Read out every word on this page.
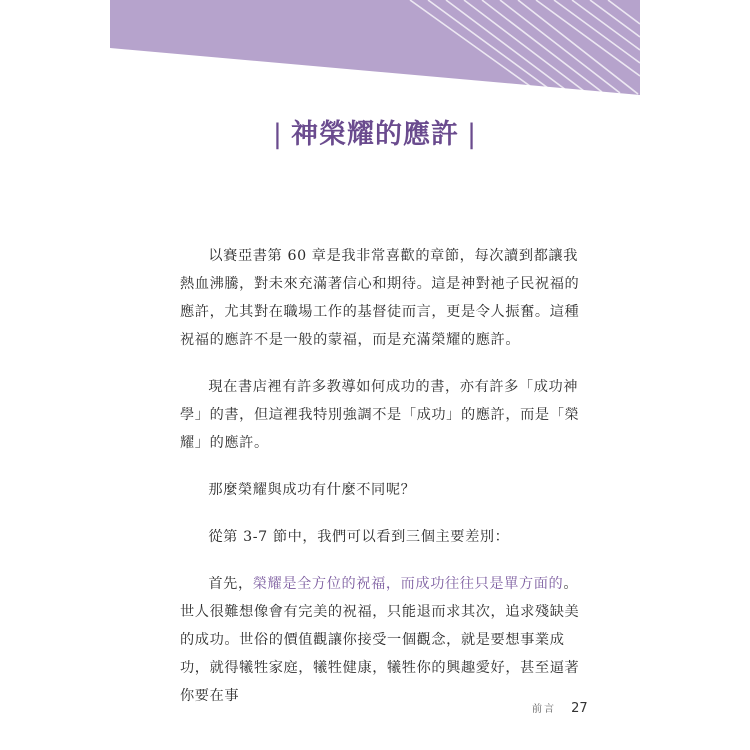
| 神榮耀的應許 |

以賽亞書第 60 章是我非常喜歡的章節，每次讀到都讓我熱血沸騰，對未來充滿著信心和期待。這是神對祂子民祝福的應許，尤其對在職場工作的基督徒而言，更是令人振奮。這種祝福的應許不是一般的蒙福，而是充滿榮耀的應許。

現在書店裡有許多教導如何成功的書，亦有許多「成功神學」的書，但這裡我特別強調不是「成功」的應許，而是「榮耀」的應許。

那麼榮耀與成功有什麼不同呢？

從第 3-7 節中，我們可以看到三個主要差別：

首先，榮耀是全方位的祝福，而成功往往只是單方面的。世人很難想像會有完美的祝福，只能退而求其次，追求殘缺美的成功。世俗的價值觀讓你接受一個觀念，就是要想事業成功，就得犧牲家庭，犧牲健康，犧牲你的興趣愛好，甚至逼著你要在事

前言 27
